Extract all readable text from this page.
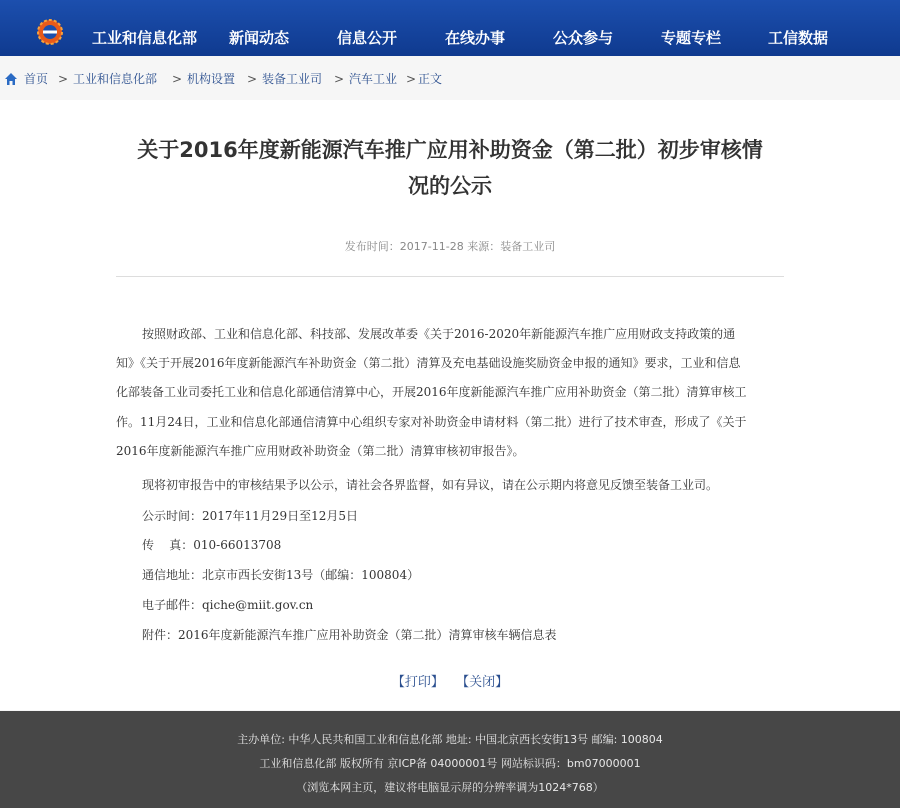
工业和信息化部 新闻动态	信息公开	在线办事	公众参与	专题专栏	工信数据
首页 > 工业和信息化部 > 机构设置 > 装备工业司 > 汽车工业 > 正文
关于2016年度新能源汽车推广应用补助资金（第二批）初步审核情
况的公示
发布时间：2017-11-28 来源：装备工业司
按照财政部、工业和信息化部、科技部、发展改革委《关于2016-2020年新能源汽车推广应用财政支持政策的通
知》《关于开展2016年度新能源汽车补助资金（第二批）清算及充电基础设施奖励资金申报的通知》要求，工业和信息
化部装备工业司委托工业和信息化部通信清算中心，开展2016年度新能源汽车推广应用补助资金（第二批）清算审核工
作。11月24日，工业和信息化部通信清算中心组织专家对补助资金申请材料（第二批）进行了技术审查，形成了《关于
2016年度新能源汽车推广应用财政补助资金（第二批）清算审核初审报告》。
现将初审报告中的审核结果予以公示，请社会各界监督，如有异议，请在公示期内将意见反馈至装备工业司。
公示时间：2017年11月29日至12月5日
传    真：010-66013708
通信地址：北京市西长安街13号（邮编：100804）
电子邮件：qiche@miit.gov.cn
附件：2016年度新能源汽车推广应用补助资金（第二批）清算审核车辆信息表
【打印】 【关闭】
主办单位: 中华人民共和国工业和信息化部 地址: 中国北京西长安街13号 邮编: 100804
工业和信息化部 版权所有 京ICP备 04000001号 网站标识码：bm07000001
（浏览本网主页，建议将电脑显示屏的分辨率调为1024*768）
